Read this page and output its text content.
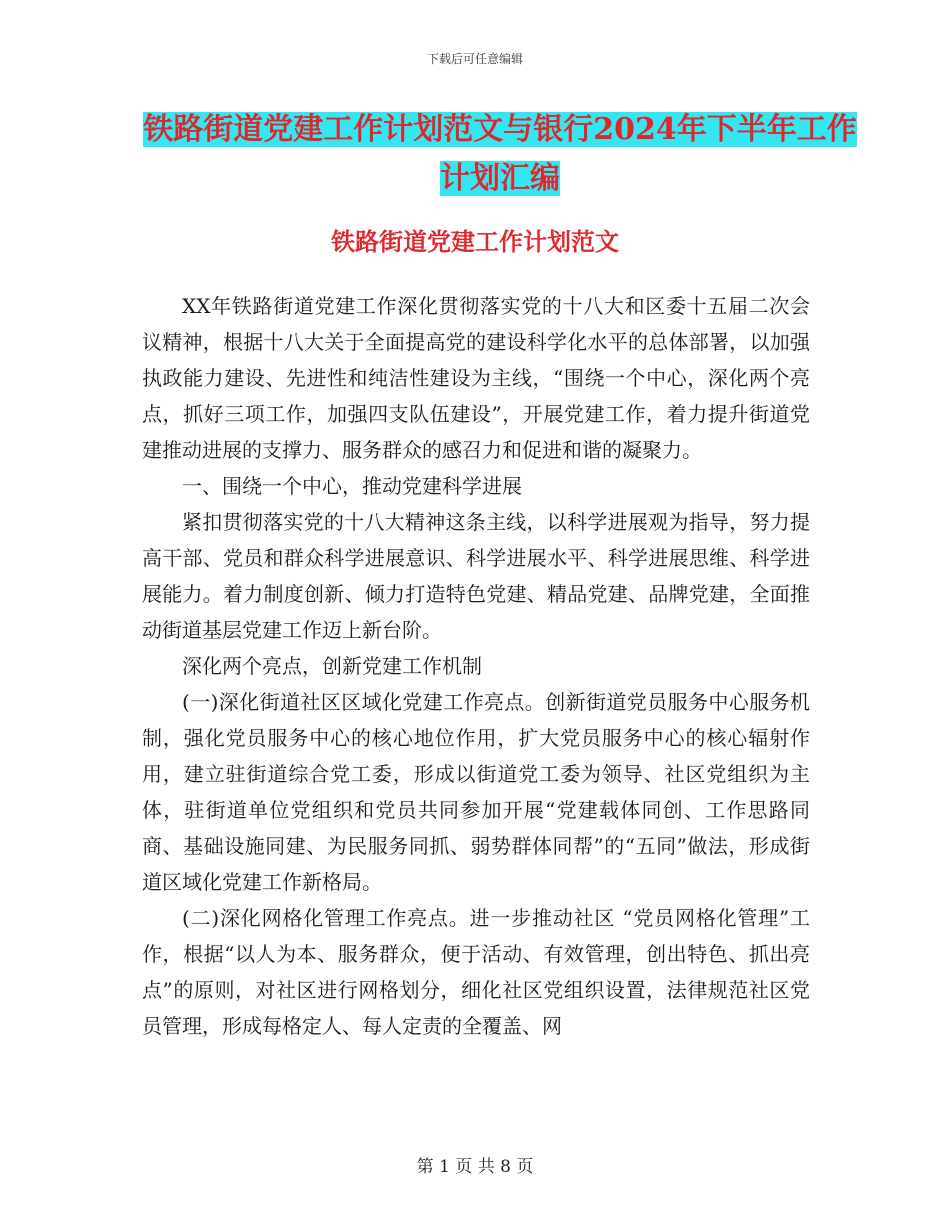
下载后可任意编辑
铁路街道党建工作计划范文与银行2024年下半年工作
计划汇编
铁路街道党建工作计划范文

XX年铁路街道党建工作深化贯彻落实党的十八大和区委十五届二次会议精神，根据十八大关于全面提高党的建设科学化水平的总体部署，以加强执政能力建设、先进性和纯洁性建设为主线，“围绕一个中心，深化两个亮点，抓好三项工作，加强四支队伍建设”，开展党建工作，着力提升街道党建推动进展的支撑力、服务群众的感召力和促进和谐的凝聚力。

一、围绕一个中心，推动党建科学进展

紧扣贯彻落实党的十八大精神这条主线，以科学进展观为指导，努力提高干部、党员和群众科学进展意识、科学进展水平、科学进展思维、科学进展能力。着力制度创新、倾力打造特色党建、精品党建、品牌党建，全面推动街道基层党建工作迈上新台阶。

深化两个亮点，创新党建工作机制

(一)深化街道社区区域化党建工作亮点。创新街道党员服务中心服务机制，强化党员服务中心的核心地位作用，扩大党员服务中心的核心辐射作用，建立驻街道综合党工委，形成以街道党工委为领导、社区党组织为主体，驻街道单位党组织和党员共同参加开展“党建载体同创、工作思路同商、基础设施同建、为民服务同抓、弱势群体同帮”的“五同”做法，形成街道区域化党建工作新格局。

(二)深化网格化管理工作亮点。进一步推动社区 “党员网格化管理”工作，根据“以人为本、服务群众，便于活动、有效管理，创出特色、抓出亮点”的原则，对社区进行网格划分，细化社区党组织设置，法律规范社区党员管理，形成每格定人、每人定责的全覆盖、网

第 1 页 共 8 页
